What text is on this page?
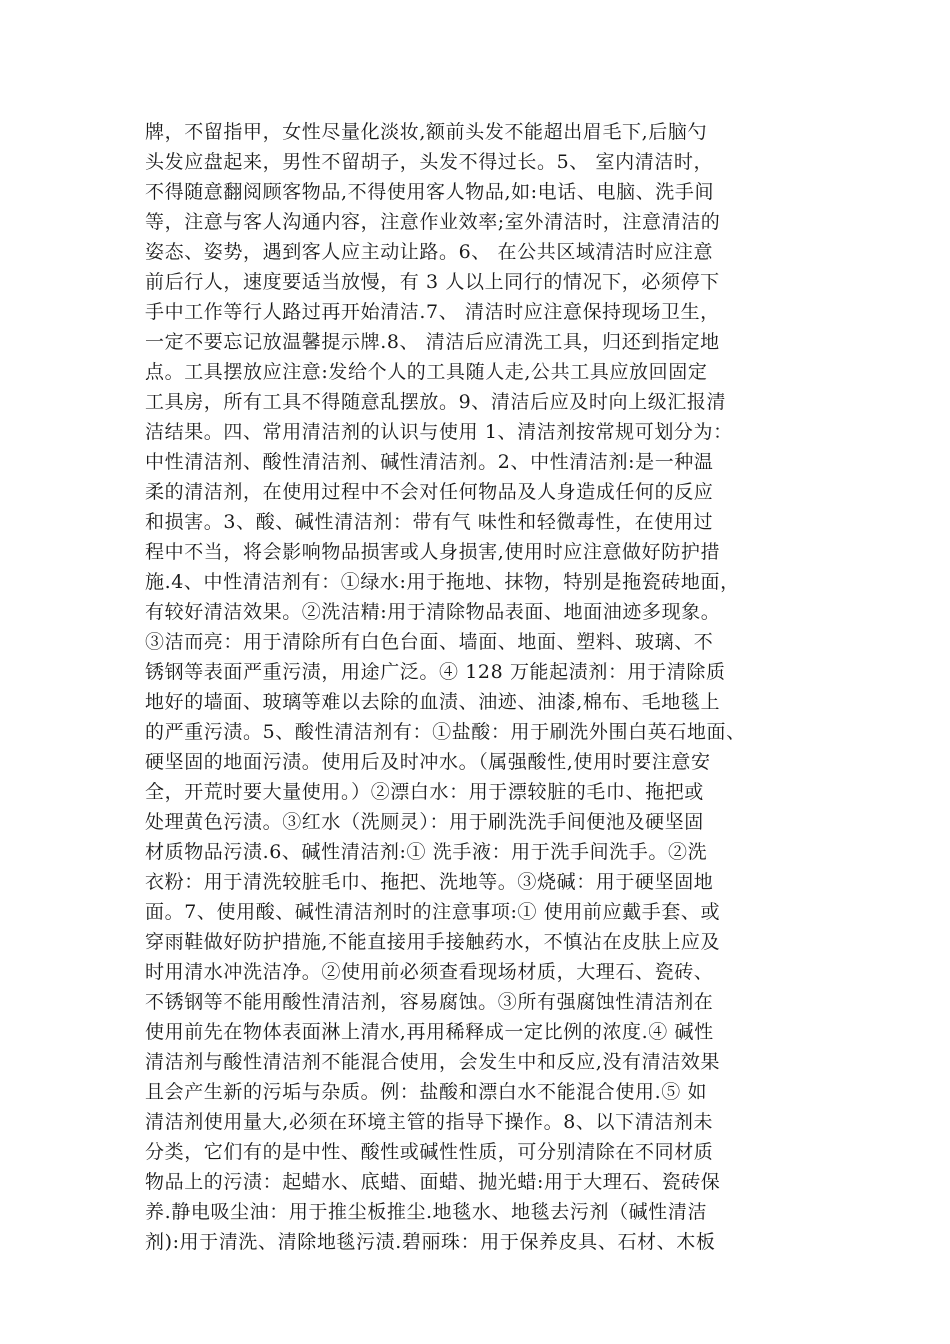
牌，不留指甲，女性尽量化淡妆,额前头发不能超出眉毛下,后脑勺
头发应盘起来，男性不留胡子，头发不得过长。5、 室内清洁时，
不得随意翻阅顾客物品,不得使用客人物品,如:电话、电脑、洗手间
等，注意与客人沟通内容，注意作业效率;室外清洁时，注意清洁的
姿态、姿势，遇到客人应主动让路。6、 在公共区域清洁时应注意
前后行人，速度要适当放慢，有 3 人以上同行的情况下，必须停下
手中工作等行人路过再开始清洁.7、 清洁时应注意保持现场卫生，
一定不要忘记放温馨提示牌.8、 清洁后应清洗工具，归还到指定地
点。工具摆放应注意:发给个人的工具随人走,公共工具应放回固定
工具房，所有工具不得随意乱摆放。9、清洁后应及时向上级汇报清
洁结果。四、常用清洁剂的认识与使用 1、清洁剂按常规可划分为：
中性清洁剂、酸性清洁剂、碱性清洁剂。2、中性清洁剂:是一种温
柔的清洁剂，在使用过程中不会对任何物品及人身造成任何的反应
和损害。3、酸、碱性清洁剂：带有气 味性和轻微毒性，在使用过
程中不当，将会影响物品损害或人身损害,使用时应注意做好防护措
施.4、中性清洁剂有：①绿水:用于拖地、抹物，特别是拖瓷砖地面，
有较好清洁效果。②洗洁精:用于清除物品表面、地面油迹多现象。
③洁而亮：用于清除所有白色台面、墙面、地面、塑料、玻璃、不
锈钢等表面严重污渍，用途广泛。④ 128 万能起渍剂：用于清除质
地好的墙面、玻璃等难以去除的血渍、油迹、油漆,棉布、毛地毯上
的严重污渍。5、酸性清洁剂有：①盐酸：用于刷洗外围白英石地面、
硬坚固的地面污渍。使用后及时冲水。（属强酸性,使用时要注意安
全，开荒时要大量使用。）②漂白水：用于漂较脏的毛巾、拖把或
处理黄色污渍。③红水（洗厕灵）：用于刷洗洗手间便池及硬坚固
材质物品污渍.6、碱性清洁剂:① 洗手液：用于洗手间洗手。②洗
衣粉：用于清洗较脏毛巾、拖把、洗地等。③烧碱：用于硬坚固地
面。7、使用酸、碱性清洁剂时的注意事项:① 使用前应戴手套、或
穿雨鞋做好防护措施,不能直接用手接触药水，不慎沾在皮肤上应及
时用清水冲洗洁净。②使用前必须查看现场材质，大理石、瓷砖、
不锈钢等不能用酸性清洁剂，容易腐蚀。③所有强腐蚀性清洁剂在
使用前先在物体表面淋上清水,再用稀释成一定比例的浓度.④ 碱性
清洁剂与酸性清洁剂不能混合使用，会发生中和反应,没有清洁效果
且会产生新的污垢与杂质。例：盐酸和漂白水不能混合使用.⑤ 如
清洁剂使用量大,必须在环境主管的指导下操作。8、以下清洁剂未
分类，它们有的是中性、酸性或碱性性质，可分别清除在不同材质
物品上的污渍：起蜡水、底蜡、面蜡、抛光蜡:用于大理石、瓷砖保
养.静电吸尘油：用于推尘板推尘.地毯水、地毯去污剂（碱性清洁
剂):用于清洗、清除地毯污渍.碧丽珠：用于保养皮具、石材、木板
